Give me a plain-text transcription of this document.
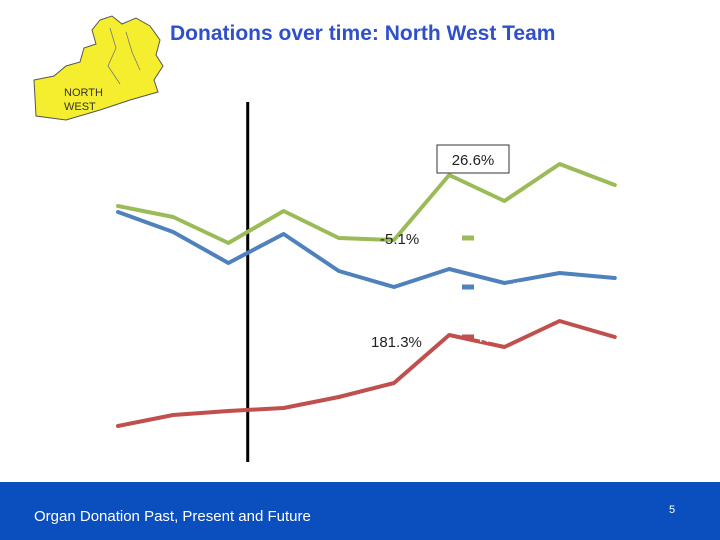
Donations over time: North West Team
NORTH
WEST
26.6%
-5.1%
181.3%
Donati
Rec
Organ Donation Past, Present and Future	5
